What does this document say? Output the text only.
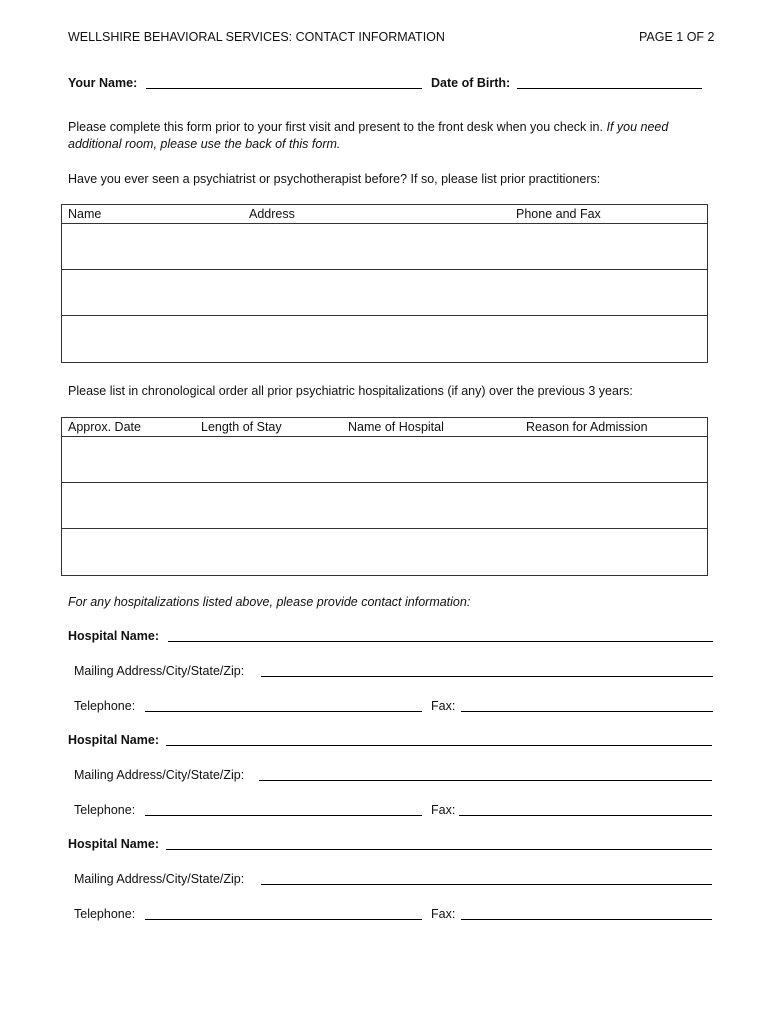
WELLSHIRE BEHAVIORAL SERVICES: CONTACT INFORMATION	PAGE 1 OF 2
Your Name:	Date of Birth:
Please complete this form prior to your first visit and present to the front desk when you check in. If you need
additional room, please use the back of this form.
Have you ever seen a psychiatrist or psychotherapist before? If so, please list prior practitioners:
Name	Address	Phone and Fax
Please list in chronological order all prior psychiatric hospitalizations (if any) over the previous 3 years:
Approx. Date	Length of Stay	Name of Hospital	Reason for Admission
For any hospitalizations listed above, please provide contact information:
Hospital Name:
Mailing Address/City/State/Zip:
Telephone:	Fax:
Hospital Name:
Mailing Address/City/State/Zip:
Telephone:	Fax:
Hospital Name:
Mailing Address/City/State/Zip:
Telephone:	Fax:
